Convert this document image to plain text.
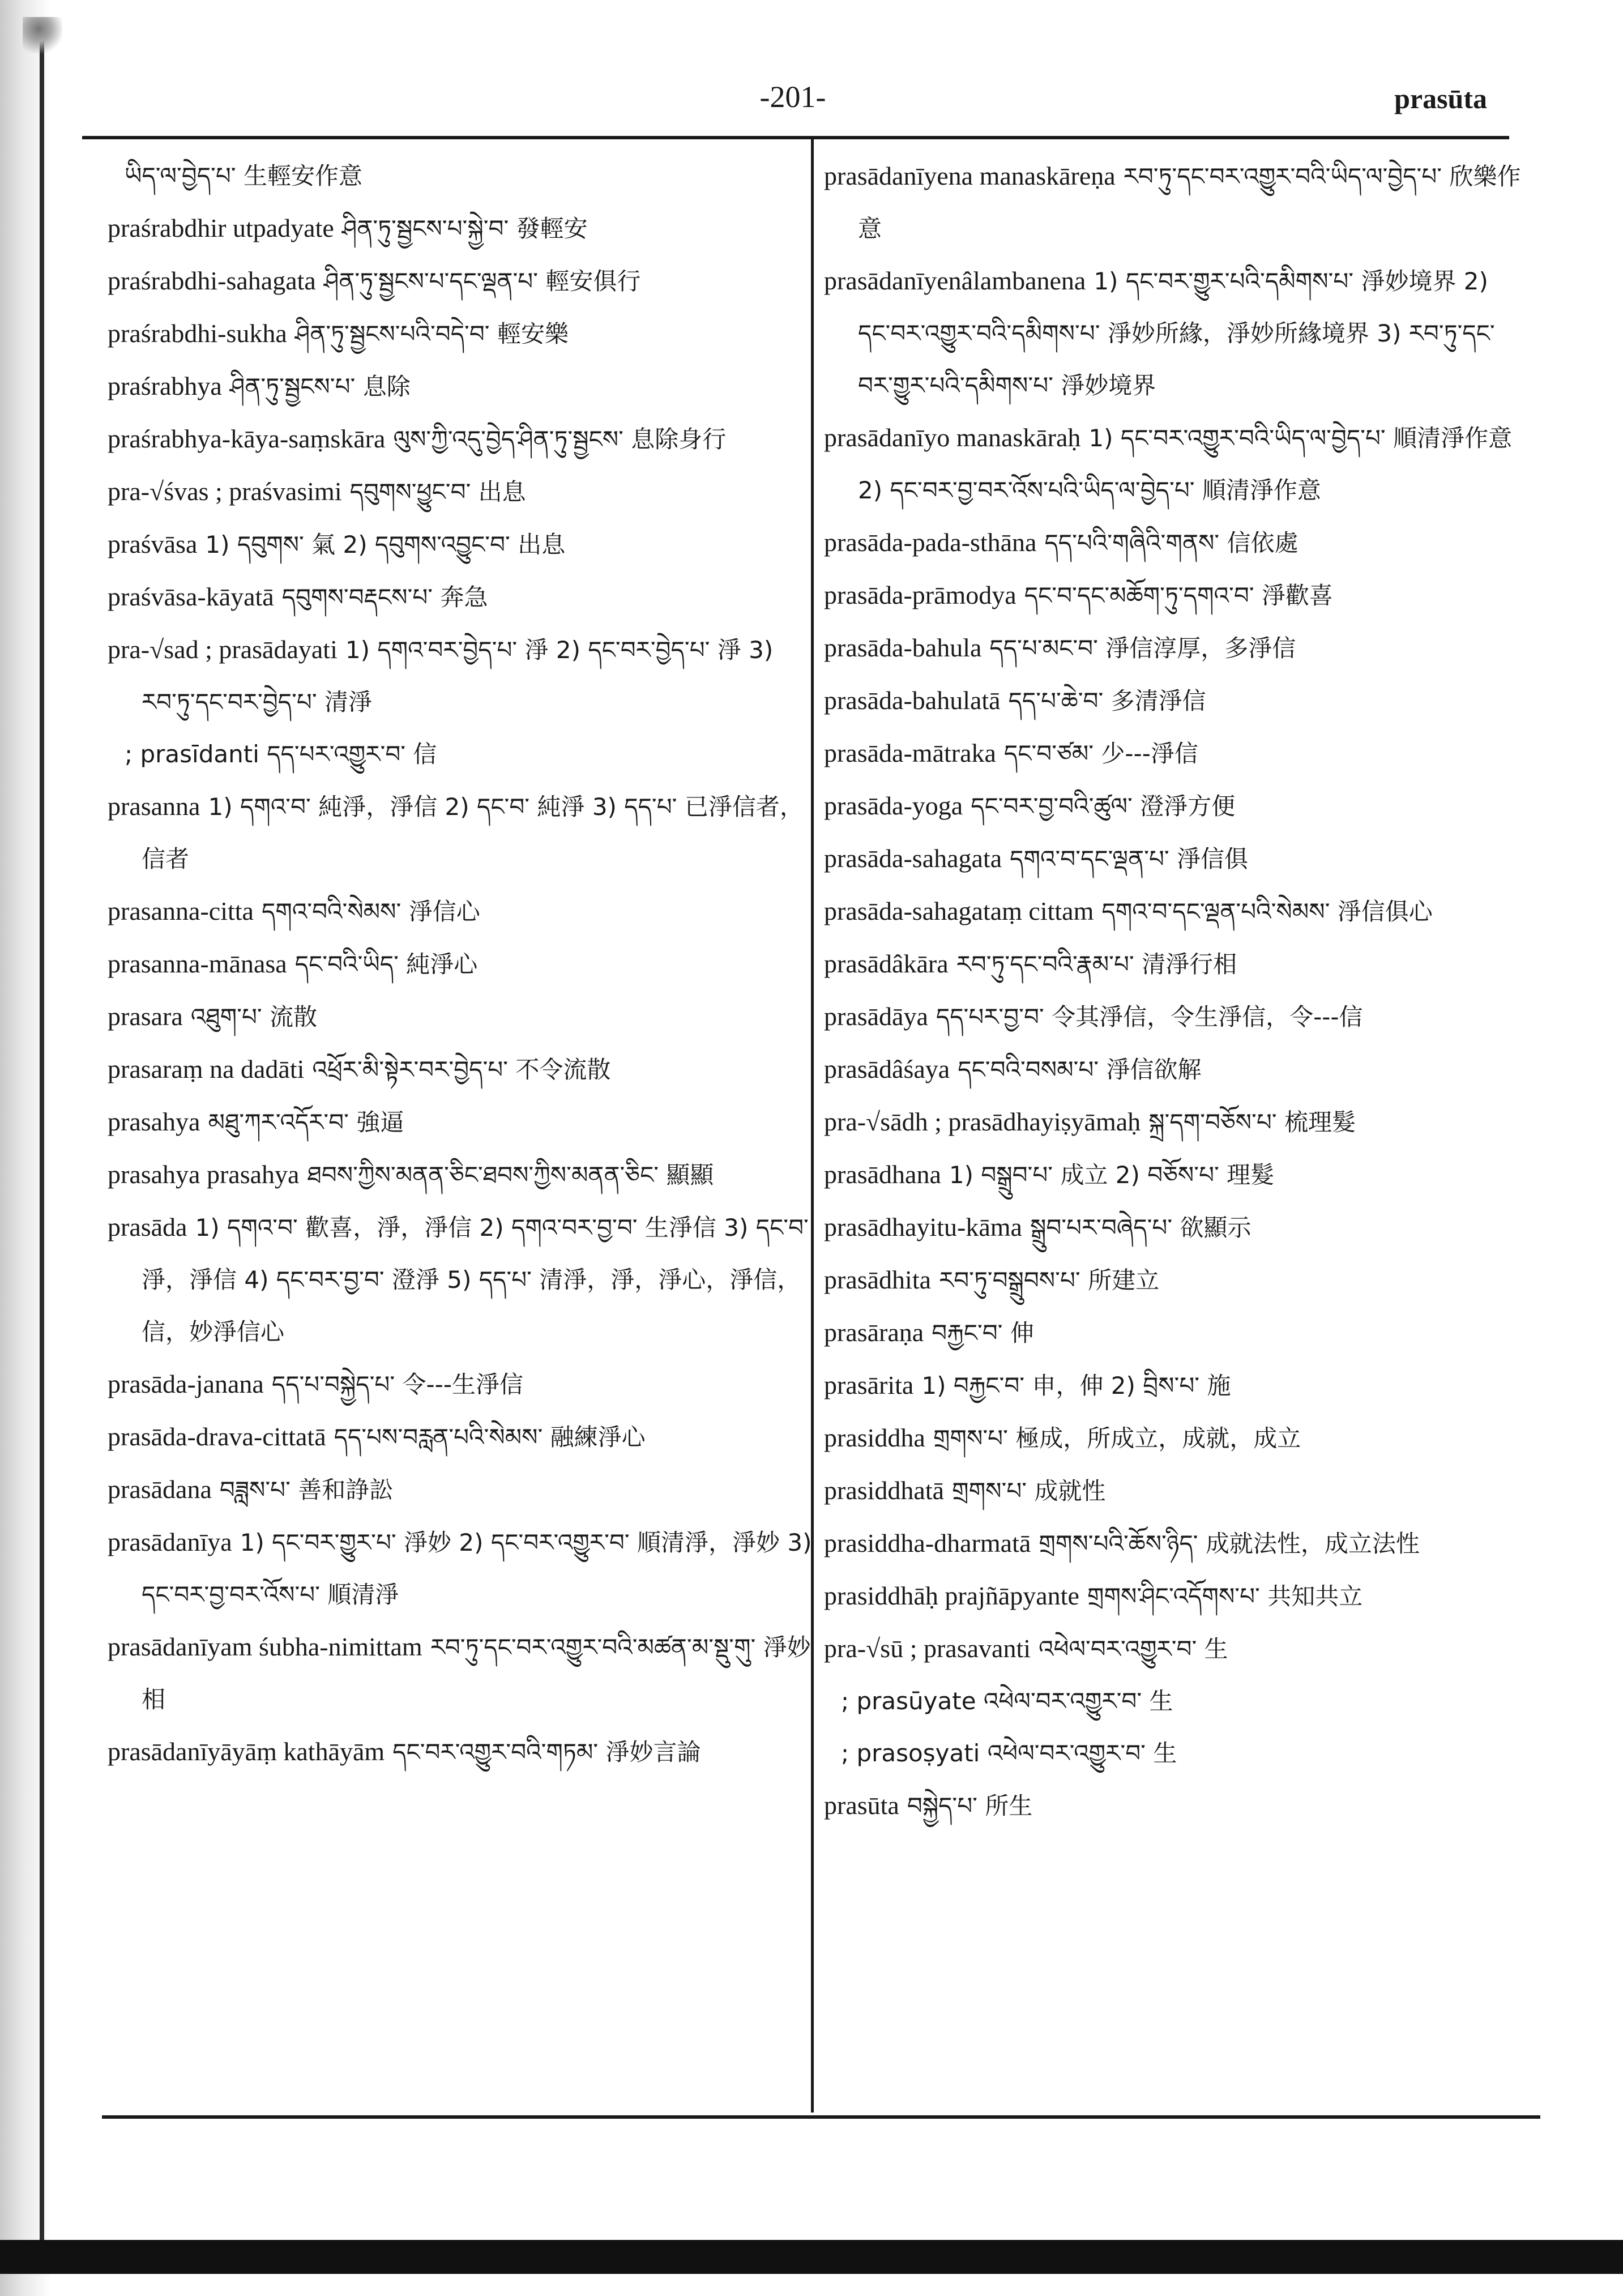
-201-	prasūta
ཡིད་ལ་བྱེད་པ་ 生輕安作意
praśrabdhir utpadyate ཤིན་ཏུ་སྦྱངས་པ་སྐྱེ་བ་ 發輕安
praśrabdhi-sahagata ཤིན་ཏུ་སྦྱངས་པ་དང་ལྡན་པ་ 輕安俱行
praśrabdhi-sukha ཤིན་ཏུ་སྦྱངས་པའི་བདེ་བ་ 輕安樂
praśrabhya ཤིན་ཏུ་སྦྱངས་པ་ 息除
praśrabhya-kāya-saṃskāra ལུས་ཀྱི་འདུ་བྱེད་ཤིན་ཏུ་སྦྱངས་ 息除身行
pra-√śvas ; praśvasimi དབུགས་ཕྱུང་བ་ 出息
praśvāsa 1) དབུགས་ 氣 2) དབུགས་འབྱུང་བ་ 出息
praśvāsa-kāyatā དབུགས་བརྡངས་པ་ 奔急
pra-√sad ; prasādayati 1) དགའ་བར་བྱེད་པ་ 淨 2) དང་བར་བྱེད་པ་ 淨 3) རབ་ཏུ་དང་བར་བྱེད་པ་ 清淨
; prasīdanti དད་པར་འགྱུར་བ་ 信
prasanna 1) དགའ་བ་ 純淨，淨信 2) དང་བ་ 純淨 3) དད་པ་ 已淨信者，信者
prasanna-citta དགའ་བའི་སེམས་ 淨信心
prasanna-mānasa དང་བའི་ཡིད་ 純淨心
prasara འཐུག་པ་ 流散
prasaraṃ na dadāti འཕྲོར་མི་སྟེར་བར་བྱེད་པ་ 不令流散
prasahya མཐུ་ཀར་འདོར་བ་ 強逼
prasahya prasahya ཐབས་ཀྱིས་མནན་ཅིང་ཐབས་ཀྱིས་མནན་ཅིང་ 顯顯
prasāda 1) དགའ་བ་ 歡喜，淨，淨信 2) དགའ་བར་བྱ་བ་ 生淨信 3) དང་བ་ 淨，淨信 4) དང་བར་བྱ་བ་ 澄淨 5) དད་པ་ 清淨，淨，淨心，淨信，信，妙淨信心
prasāda-janana དད་པ་བསྐྱེད་པ་ 令---生淨信
prasāda-drava-cittatā དད་པས་བརླན་པའི་སེམས་ 融練淨心
prasādana བཟླས་པ་ 善和諍訟
prasādanīya 1) དང་བར་གྱུར་པ་ 淨妙 2) དང་བར་འགྱུར་བ་ 順清淨，淨妙 3) དང་བར་བྱ་བར་འོས་པ་ 順清淨
prasādanīyam śubha-nimittam རབ་ཏུ་དང་བར་འགྱུར་བའི་མཚན་མ་སྡུ་གུ་ 淨妙相
prasādanīyāyāṃ kathāyām དང་བར་འགྱུར་བའི་གཏམ་ 淨妙言論
prasādanīyena manaskāreṇa རབ་ཏུ་དང་བར་འགྱུར་བའི་ཡིད་ལ་བྱེད་པ་ 欣樂作意
prasādanīyenâlambanena 1) དང་བར་གྱུར་པའི་དམིགས་པ་ 淨妙境界 2) དང་བར་འགྱུར་བའི་དམིགས་པ་ 淨妙所緣，淨妙所緣境界 3) རབ་ཏུ་དང་བར་གྱུར་པའི་དམིགས་པ་ 淨妙境界
prasādanīyo manaskāraḥ 1) དང་བར་འགྱུར་བའི་ཡིད་ལ་བྱེད་པ་ 順清淨作意 2) དང་བར་བྱ་བར་འོས་པའི་ཡིད་ལ་བྱེད་པ་ 順清淨作意
prasāda-pada-sthāna དད་པའི་གཞིའི་གནས་ 信依處
prasāda-prāmodya དང་བ་དང་མཆོག་ཏུ་དགའ་བ་ 淨歡喜
prasāda-bahula དད་པ་མང་བ་ 淨信淳厚，多淨信
prasāda-bahulatā དད་པ་ཆེ་བ་ 多清淨信
prasāda-mātraka དང་བ་ཙམ་ 少---淨信
prasāda-yoga དང་བར་བྱ་བའི་ཚུལ་ 澄淨方便
prasāda-sahagata དགའ་བ་དང་ལྡན་པ་ 淨信俱
prasāda-sahagataṃ cittam དགའ་བ་དང་ལྡན་པའི་སེམས་ 淨信俱心
prasādâkāra རབ་ཏུ་དང་བའི་རྣམ་པ་ 清淨行相
prasādāya དད་པར་བྱ་བ་ 令其淨信，令生淨信，令---信
prasādâśaya དང་བའི་བསམ་པ་ 淨信欲解
pra-√sādh ; prasādhayiṣyāmaḥ སྐྲ་དག་བཅོས་པ་ 梳理髮
prasādhana 1) བསྒྲུབ་པ་ 成立 2) བཅོས་པ་ 理髮
prasādhayitu-kāma སྒྲུབ་པར་བཞེད་པ་ 欲顯示
prasādhita རབ་ཏུ་བསྒྲུབས་པ་ 所建立
prasāraṇa བརྐྱང་བ་ 伸
prasārita 1) བརྐྱང་བ་ 申，伸 2) བྲིས་པ་ 施
prasiddha གྲགས་པ་ 極成，所成立，成就，成立
prasiddhatā གྲགས་པ་ 成就性
prasiddha-dharmatā གྲགས་པའི་ཆོས་ཉིད་ 成就法性，成立法性
prasiddhāḥ prajñāpyante གྲགས་ཤིང་འདོགས་པ་ 共知共立
pra-√sū ; prasavanti འཕེལ་བར་འགྱུར་བ་ 生
; prasūyate འཕེལ་བར་འགྱུར་བ་ 生
; prasoṣyati འཕེལ་བར་འགྱུར་བ་ 生
prasūta བསྐྱེད་པ་ 所生
